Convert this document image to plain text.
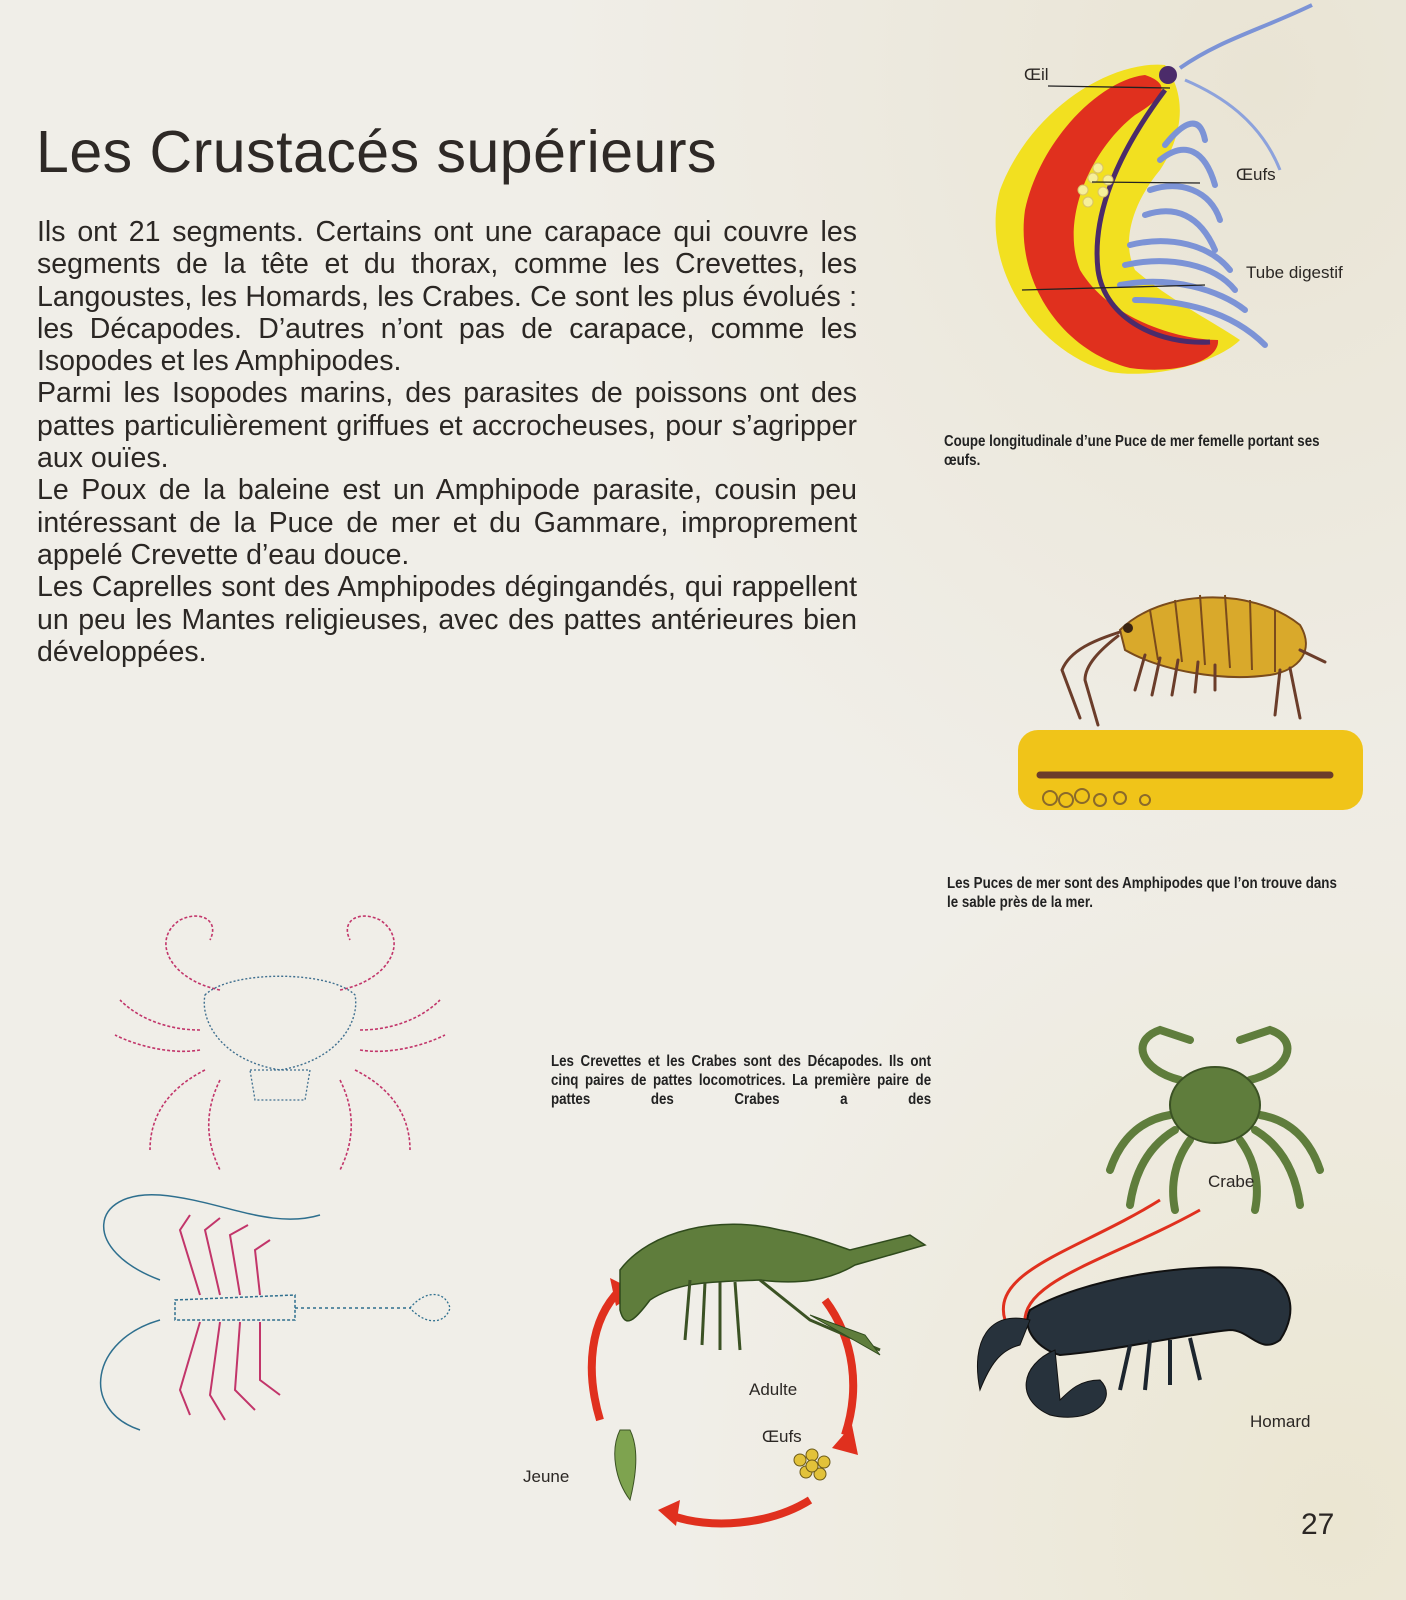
Les Crustacés supérieurs

Ils ont 21 segments. Certains ont une carapace qui couvre les segments de la tête et du thorax, comme les Crevettes, les Langoustes, les Homards, les Crabes. Ce sont les plus évolués : les Décapodes. D’autres n’ont pas de carapace, comme les Isopodes et les Amphipodes.

Parmi les Isopodes marins, des parasites de poissons ont des pattes particulièrement griffues et accrocheuses, pour s’agripper aux ouïes.

Le Poux de la baleine est un Amphipode parasite, cousin peu intéressant de la Puce de mer et du Gammare, improprement appelé Crevette d’eau douce.

Les Caprelles sont des Amphipodes dégingandés, qui rappellent un peu les Mantes religieuses, avec des pattes antérieures bien développées.

Œil
Œufs
Tube digestif
Coupe longitudinale d’une Puce de mer femelle portant ses œufs.
Les Puces de mer sont des Amphipodes que l’on trouve dans le sable près de la mer.
Les Crevettes et les Crabes sont des Décapodes. Ils ont cinq paires de pattes locomotrices. La première paire de pattes des Crabes a des
Adulte
Œufs
Jeune
Crabe
Homard
27
